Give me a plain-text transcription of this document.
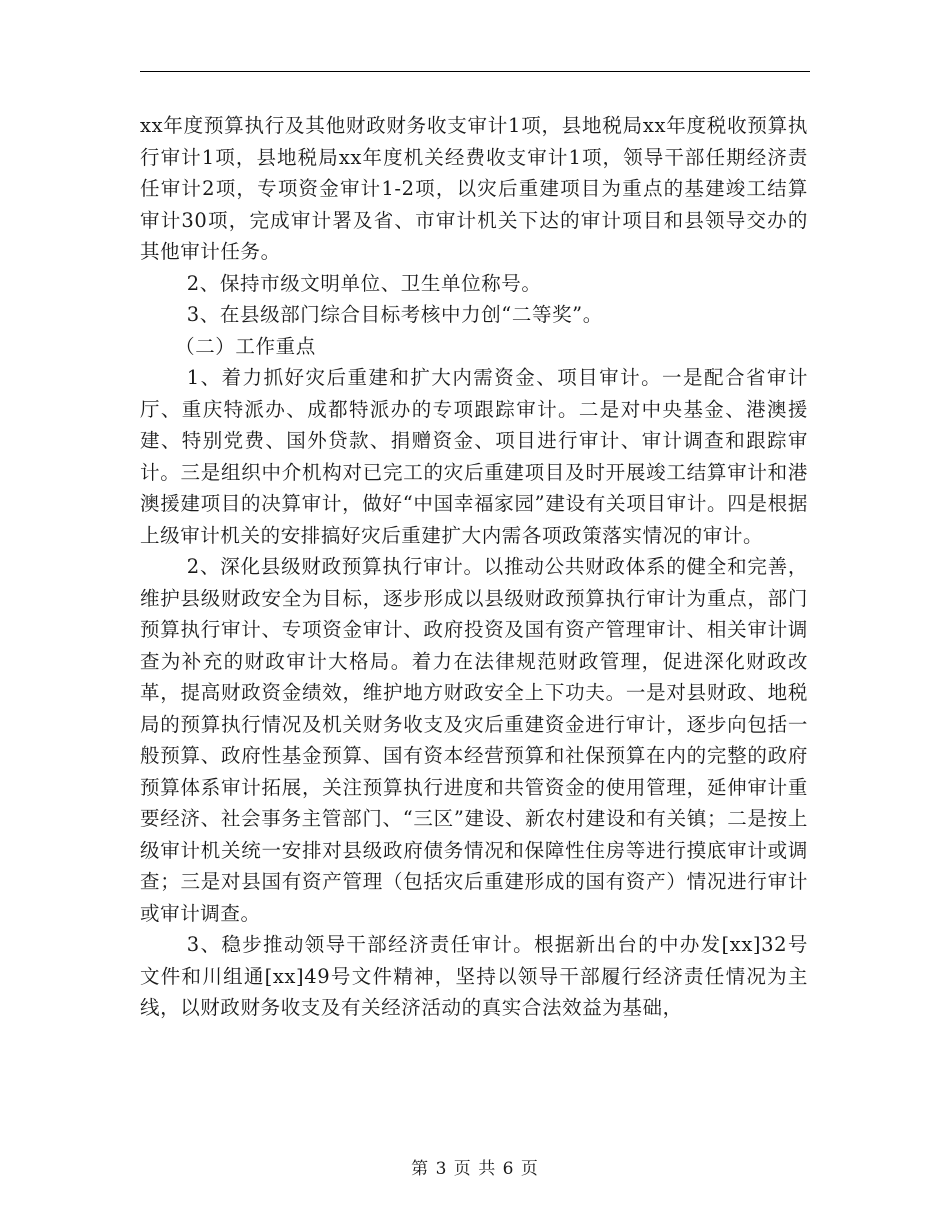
xx年度预算执行及其他财政财务收支审计1项，县地税局xx年度税收预算执行审计1项，县地税局xx年度机关经费收支审计1项，领导干部任期经济责任审计2项，专项资金审计1-2项，以灾后重建项目为重点的基建竣工结算审计30项，完成审计署及省、市审计机关下达的审计项目和县领导交办的其他审计任务。

2、保持市级文明单位、卫生单位称号。

3、在县级部门综合目标考核中力创“二等奖”。

（二）工作重点

1、着力抓好灾后重建和扩大内需资金、项目审计。一是配合省审计厅、重庆特派办、成都特派办的专项跟踪审计。二是对中央基金、港澳援建、特别党费、国外贷款、捐赠资金、项目进行审计、审计调查和跟踪审计。三是组织中介机构对已完工的灾后重建项目及时开展竣工结算审计和港澳援建项目的决算审计，做好“中国幸福家园”建设有关项目审计。四是根据上级审计机关的安排搞好灾后重建扩大内需各项政策落实情况的审计。

2、深化县级财政预算执行审计。以推动公共财政体系的健全和完善，维护县级财政安全为目标，逐步形成以县级财政预算执行审计为重点，部门预算执行审计、专项资金审计、政府投资及国有资产管理审计、相关审计调查为补充的财政审计大格局。着力在法律规范财政管理，促进深化财政改革，提高财政资金绩效，维护地方财政安全上下功夫。一是对县财政、地税局的预算执行情况及机关财务收支及灾后重建资金进行审计，逐步向包括一般预算、政府性基金预算、国有资本经营预算和社保预算在内的完整的政府预算体系审计拓展，关注预算执行进度和共管资金的使用管理，延伸审计重要经济、社会事务主管部门、“三区”建设、新农村建设和有关镇；二是按上级审计机关统一安排对县级政府债务情况和保障性住房等进行摸底审计或调查；三是对县国有资产管理（包括灾后重建形成的国有资产）情况进行审计或审计调查。

3、稳步推动领导干部经济责任审计。根据新出台的中办发[xx]32号文件和川组通[xx]49号文件精神，坚持以领导干部履行经济责任情况为主线，以财政财务收支及有关经济活动的真实合法效益为基础，

第 3 页 共 6 页
